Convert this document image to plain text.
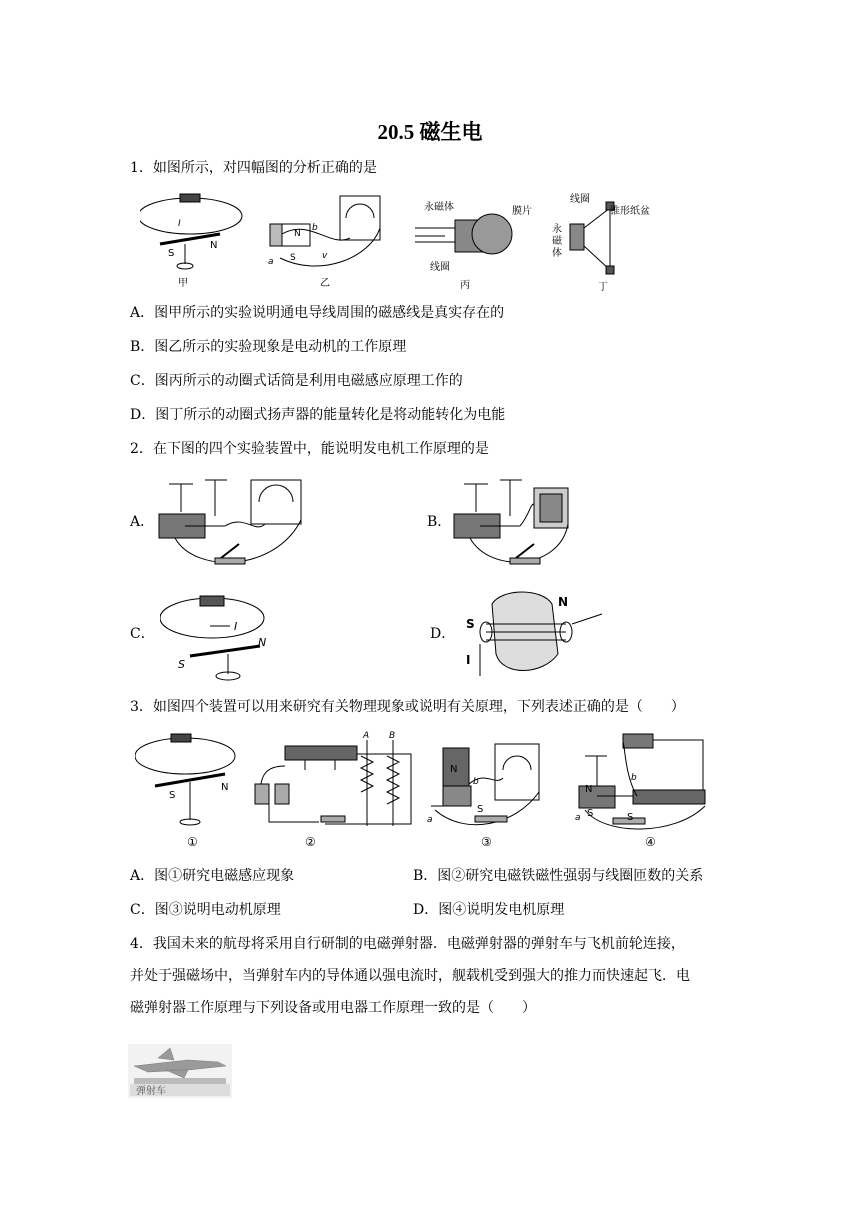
20.5 磁生电
1．如图所示，对四幅图的分析正确的是
S
N
I
甲
N
S
b
a
v
乙
永磁体	膜片
线圈
丙
线圈
锥形纸盆
永
磁
体
丁
A．图甲所示的实验说明通电导线周围的磁感线是真实存在的
B．图乙所示的实验现象是电动机的工作原理
C．图丙所示的动圈式话筒是利用电磁感应原理工作的
D．图丁所示的动圈式扬声器的能量转化是将动能转化为电能
2．在下图的四个实验装置中，能说明发电机工作原理的是
A．	B．
C．
S
N
I	D．
S
N
I
3．如图四个装置可以用来研究有关物理现象或说明有关原理，下列表述正确的是（　　）
S
N
①
A B
②
N
S
b
a
③
N
S	S
b
a
④
A．图①研究电磁感应现象	B．图②研究电磁铁磁性强弱与线圈匝数的关系
C．图③说明电动机原理	D．图④说明发电机原理
4．我国未来的航母将采用自行研制的电磁弹射器．电磁弹射器的弹射车与飞机前轮连接，
并处于强磁场中，当弹射车内的导体通以强电流时，舰载机受到强大的推力而快速起飞．电
磁弹射器工作原理与下列设备或用电器工作原理一致的是（　　）
弹射车
